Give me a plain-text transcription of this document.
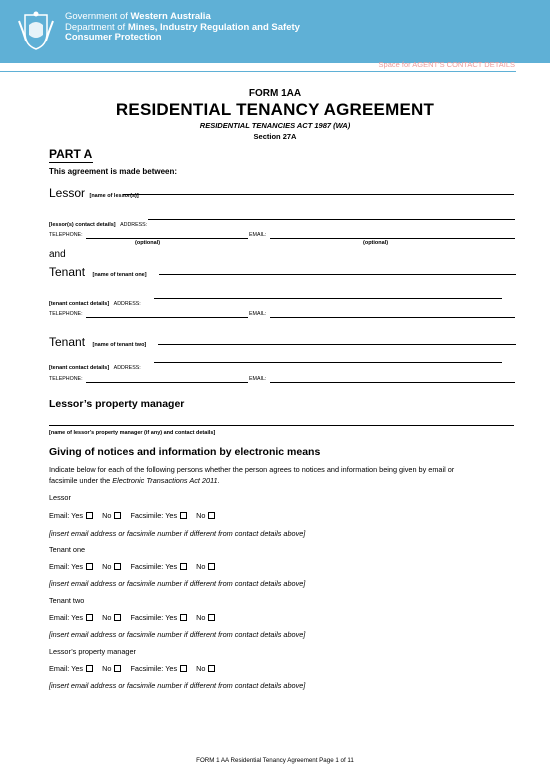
Government of Western Australia
Department of Mines, Industry Regulation and Safety
Consumer Protection
Space for AGENT'S CONTACT DETAILS
FORM 1AA
RESIDENTIAL TENANCY AGREEMENT
RESIDENTIAL TENANCIES ACT 1987 (WA)
Section 27A
PART A
This agreement is made between:
Lessor [name of lessor(s)]
[lessor(s) contact details] ADDRESS:
TELEPHONE:	EMAIL:
(optional)	(optional)
and
Tenant [name of tenant one]
[tenant contact details] ADDRESS:
TELEPHONE:	EMAIL:
Tenant [name of tenant two]
[tenant contact details] ADDRESS:
TELEPHONE:	EMAIL:
Lessor’s property manager
[name of lessor’s property manager (if any) and contact details]
Giving of notices and information by electronic means
Indicate below for each of the following persons whether the person agrees to notices and information being given by email or
facsimile under the Electronic Transactions Act 2011.
Lessor
Email: Yes	No	Facsimile: Yes	No
[insert email address or facsimile number if different from contact details above]
Tenant one
Email: Yes	No	Facsimile: Yes	No
[insert email address or facsimile number if different from contact details above]
Tenant two
Email: Yes	No	Facsimile: Yes	No
[insert email address or facsimile number if different from contact details above]
Lessor’s property manager
Email: Yes	No	Facsimile: Yes	No
[insert email address or facsimile number if different from contact details above]
FORM 1 AA Residential Tenancy Agreement Page 1 of 11
